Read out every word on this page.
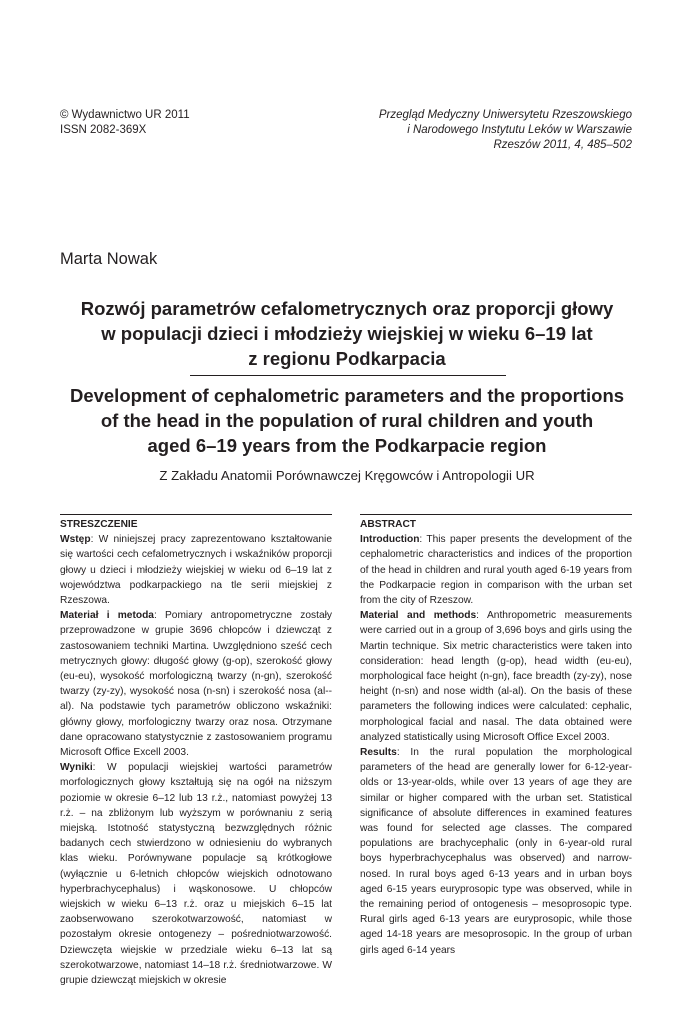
© Wydawnictwo UR 2011
ISSN 2082-369X
Przegląd Medyczny Uniwersytetu Rzeszowskiego
i Narodowego Instytutu Leków w Warszawie
Rzeszów 2011, 4, 485–502
Marta Nowak
Rozwój parametrów cefalometrycznych oraz proporcji głowy
w populacji dzieci i młodzieży wiejskiej w wieku 6–19 lat
z regionu Podkarpacia
Development of cephalometric parameters and the proportions
of the head in the population of rural children and youth
aged 6–19 years from the Podkarpacie region
Z Zakładu Anatomii Porównawczej Kręgowców i Antropologii UR
STRESZCZENIE

Wstęp: W niniejszej pracy zaprezentowano kształtowanie się wartości cech cefalometrycznych i wskaźników proporcji głowy u dzieci i młodzieży wiejskiej w wieku od 6–19 lat z województwa podkarpackiego na tle serii miejskiej z Rzeszowa.

Materiał i metoda: Pomiary antropometryczne zostały przeprowadzone w grupie 3696 chłopców i dziewcząt z zastosowaniem techniki Martina. Uwzględniono sześć cech metrycznych głowy: długość głowy (g-op), szerokość głowy (eu-eu), wysokość morfologiczną twarzy (n-gn), szerokość twarzy (zy-zy), wysokość nosa (n-sn) i szerokość nosa (al--al). Na podstawie tych parametrów obliczono wskaźniki: główny głowy, morfologiczny twarzy oraz nosa. Otrzymane dane opracowano statystycznie z zastosowaniem programu Microsoft Office Excell 2003.

Wyniki: W populacji wiejskiej wartości parametrów morfologicznych głowy kształtują się na ogół na niższym poziomie w okresie 6–12 lub 13 r.ż., natomiast powyżej 13 r.ż. – na zbliżonym lub wyższym w porównaniu z serią miejską. Istotność statystyczną bezwzględnych różnic badanych cech stwierdzono w odniesieniu do wybranych klas wieku. Porównywane populacje są krótkogłowe (wyłącznie u 6-letnich chłopców wiejskich odnotowano hyperbrachycephalus) i wąskonosowe. U chłopców wiejskich w wieku 6–13 r.ż. oraz u miejskich 6–15 lat zaobserwowano szerokotwarzowość, natomiast w pozostałym okresie ontogenezy – pośredniotwarzowość. Dziewczęta wiejskie w przedziale wieku 6–13 lat są szerokotwarzowe, natomiast 14–18 r.ż. średniotwarzowe. W grupie dziewcząt miejskich w okresie

ABSTRACT

Introduction: This paper presents the development of the cephalometric characteristics and indices of the proportion of the head in children and rural youth aged 6-19 years from the Podkarpacie region in comparison with the urban set from the city of Rzeszow.

Material and methods: Anthropometric measurements were carried out in a group of 3,696 boys and girls using the Martin technique. Six metric characteristics were taken into consideration: head length (g-op), head width (eu-eu), morphological face height (n-gn), face breadth (zy-zy), nose height (n-sn) and nose width (al-al). On the basis of these parameters the following indices were calculated: cephalic, morphological facial and nasal. The data obtained were analyzed statistically using Microsoft Office Excel 2003.

Results: In the rural population the morphological parameters of the head are generally lower for 6-12-year-olds or 13-year-olds, while over 13 years of age they are similar or higher compared with the urban set. Statistical significance of absolute differences in examined features was found for selected age classes. The compared populations are brachycephalic (only in 6-year-old rural boys hyperbrachycephalus was observed) and narrow-nosed. In rural boys aged 6-13 years and in urban boys aged 6-15 years euryprosopic type was observed, while in the remaining period of ontogenesis – mesoprosopic type. Rural girls aged 6-13 years are euryprosopic, while those aged 14-18 years are mesoprosopic. In the group of urban girls aged 6-14 years
